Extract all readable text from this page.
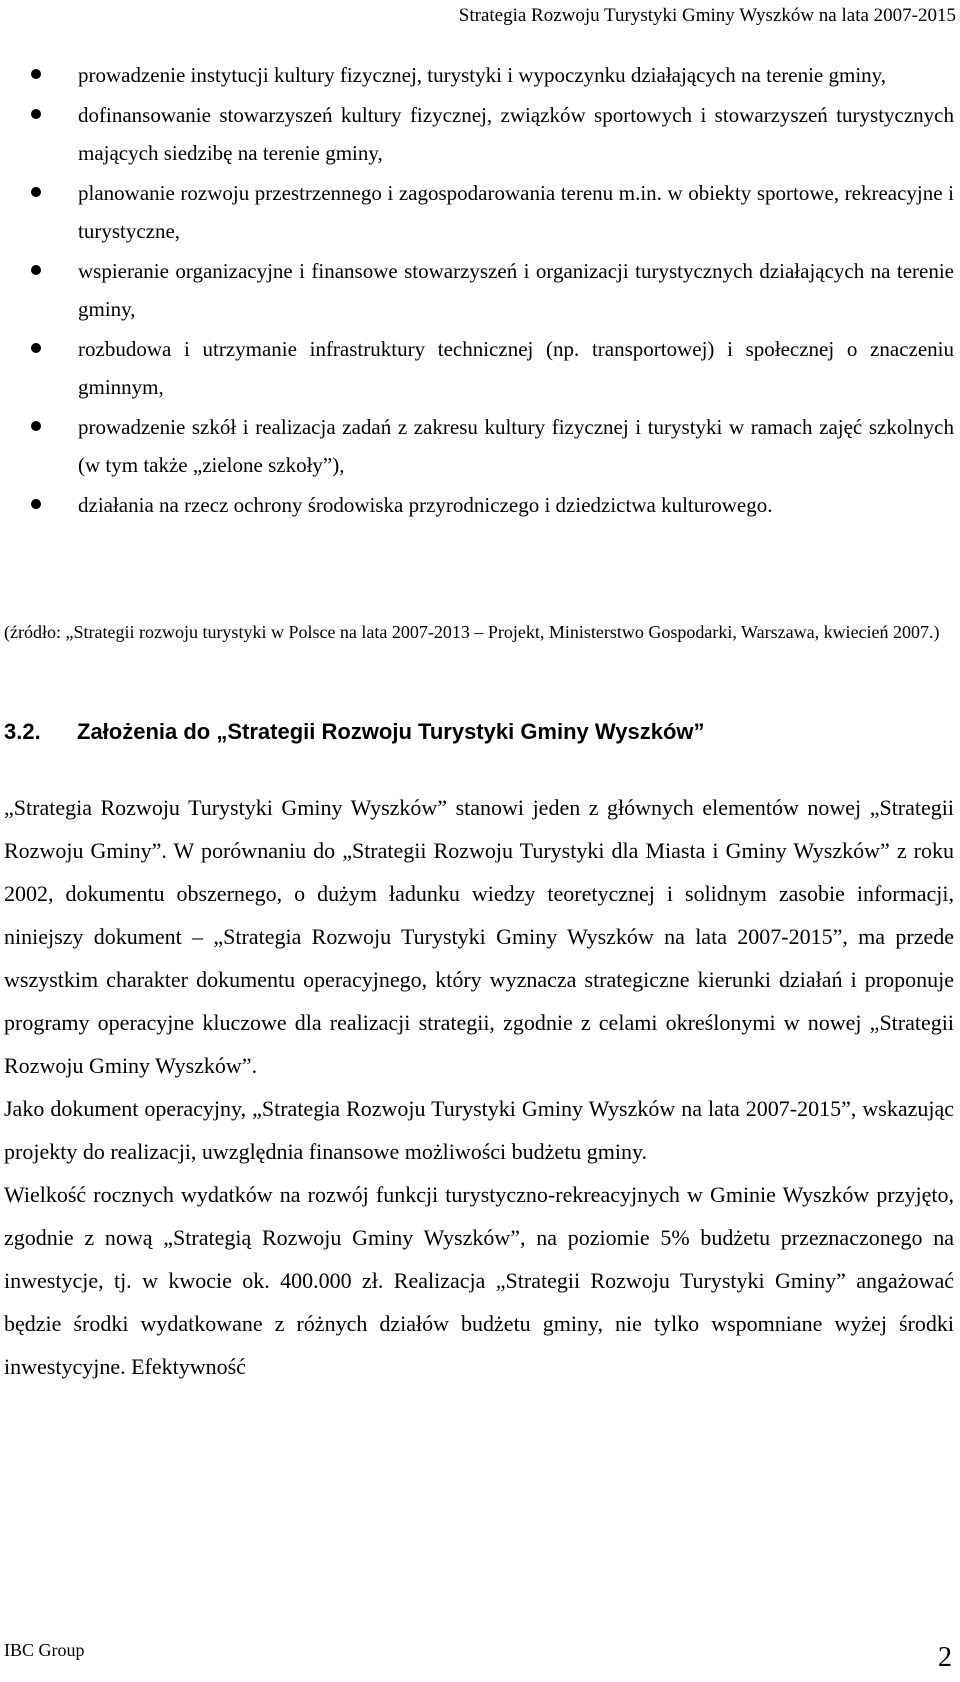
Strategia Rozwoju Turystyki Gminy Wyszków na lata 2007-2015
prowadzenie instytucji kultury fizycznej, turystyki i wypoczynku działających na terenie gminy,
dofinansowanie stowarzyszeń kultury fizycznej, związków sportowych i stowarzyszeń turystycznych mających siedzibę na terenie gminy,
planowanie rozwoju przestrzennego i zagospodarowania terenu m.in. w obiekty sportowe, rekreacyjne i turystyczne,
wspieranie organizacyjne i finansowe stowarzyszeń i organizacji turystycznych działających na terenie gminy,
rozbudowa i utrzymanie infrastruktury technicznej (np. transportowej) i społecznej o znaczeniu gminnym,
prowadzenie szkół i realizacja zadań z zakresu kultury fizycznej i turystyki w ramach zajęć szkolnych (w tym także „zielone szkoły”),
działania na rzecz ochrony środowiska przyrodniczego i dziedzictwa kulturowego.
(źródło: „Strategii rozwoju turystyki w Polsce na lata 2007-2013 – Projekt, Ministerstwo Gospodarki, Warszawa, kwiecień 2007.)
3.2. Założenia do „Strategii Rozwoju Turystyki Gminy Wyszków”

„Strategia Rozwoju Turystyki Gminy Wyszków” stanowi jeden z głównych elementów nowej „Strategii Rozwoju Gminy”. W porównaniu do „Strategii Rozwoju Turystyki dla Miasta i Gminy Wyszków” z roku 2002, dokumentu obszernego, o dużym ładunku wiedzy teoretycznej i solidnym zasobie informacji, niniejszy dokument – „Strategia Rozwoju Turystyki Gminy Wyszków na lata 2007-2015”, ma przede wszystkim charakter dokumentu operacyjnego, który wyznacza strategiczne kierunki działań i proponuje programy operacyjne kluczowe dla realizacji strategii, zgodnie z celami określonymi w nowej „Strategii Rozwoju Gminy Wyszków”.

Jako dokument operacyjny, „Strategia Rozwoju Turystyki Gminy Wyszków na lata 2007-2015”, wskazując projekty do realizacji, uwzględnia finansowe możliwości budżetu gminy.

Wielkość rocznych wydatków na rozwój funkcji turystyczno-rekreacyjnych w Gminie Wyszków przyjęto, zgodnie z nową „Strategią Rozwoju Gminy Wyszków”, na poziomie 5% budżetu przeznaczonego na inwestycje, tj. w kwocie ok. 400.000 zł. Realizacja „Strategii Rozwoju Turystyki Gminy” angażować będzie środki wydatkowane z różnych działów budżetu gminy, nie tylko wspomniane wyżej środki inwestycyjne. Efektywność

IBC Group	2
